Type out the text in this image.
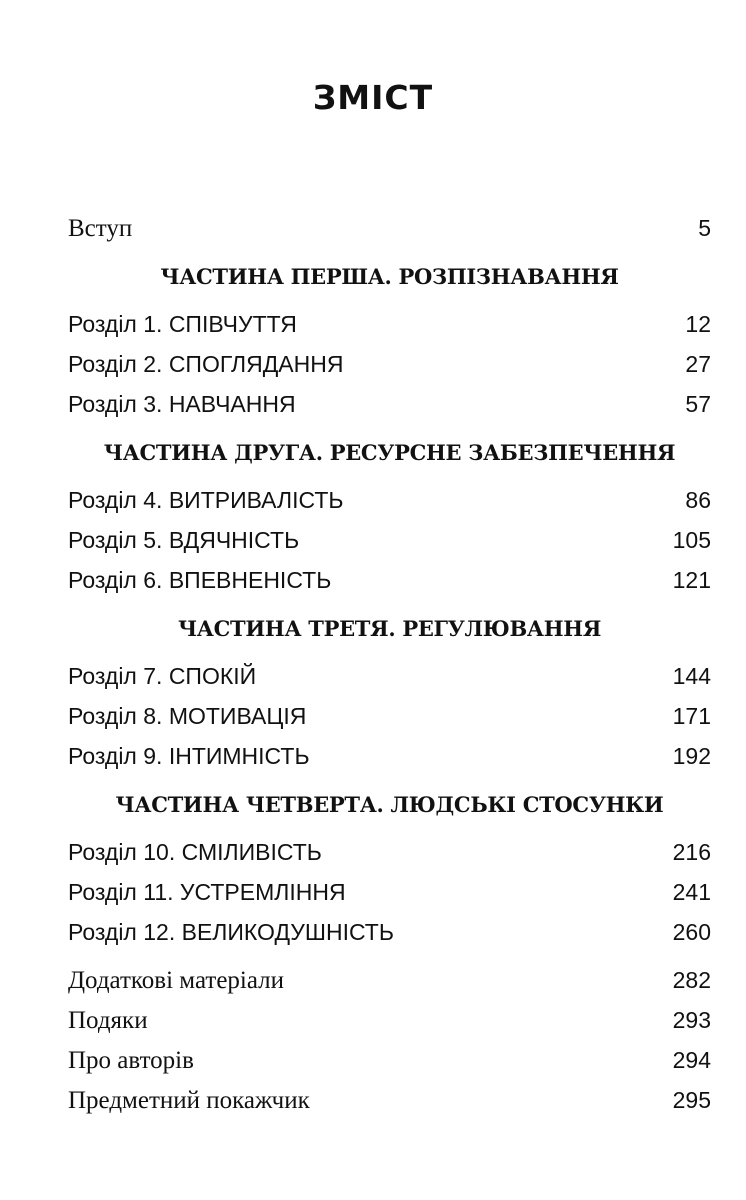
ЗМІСТ
Вступ	5
ЧАСТИНА ПЕРША. РОЗПІЗНАВАННЯ
Розділ 1. СПІВЧУТТЯ	12
Розділ 2. СПОГЛЯДАННЯ	27
Розділ 3. НАВЧАННЯ	57
ЧАСТИНА ДРУГА. РЕСУРСНЕ ЗАБЕЗПЕЧЕННЯ
Розділ 4. ВИТРИВАЛІСТЬ	86
Розділ 5. ВДЯЧНІСТЬ	105
Розділ 6. ВПЕВНЕНІСТЬ	121
ЧАСТИНА ТРЕТЯ. РЕГУЛЮВАННЯ
Розділ 7. СПОКІЙ	144
Розділ 8. МОТИВАЦІЯ	171
Розділ 9. ІНТИМНІСТЬ	192
ЧАСТИНА ЧЕТВЕРТА. ЛЮДСЬКІ СТОСУНКИ
Розділ 10. СМІЛИВІСТЬ	216
Розділ 11. УСТРЕМЛІННЯ	241
Розділ 12. ВЕЛИКОДУШНІСТЬ	260
Додаткові матеріали	282
Подяки	293
Про авторів	294
Предметний покажчик	295
